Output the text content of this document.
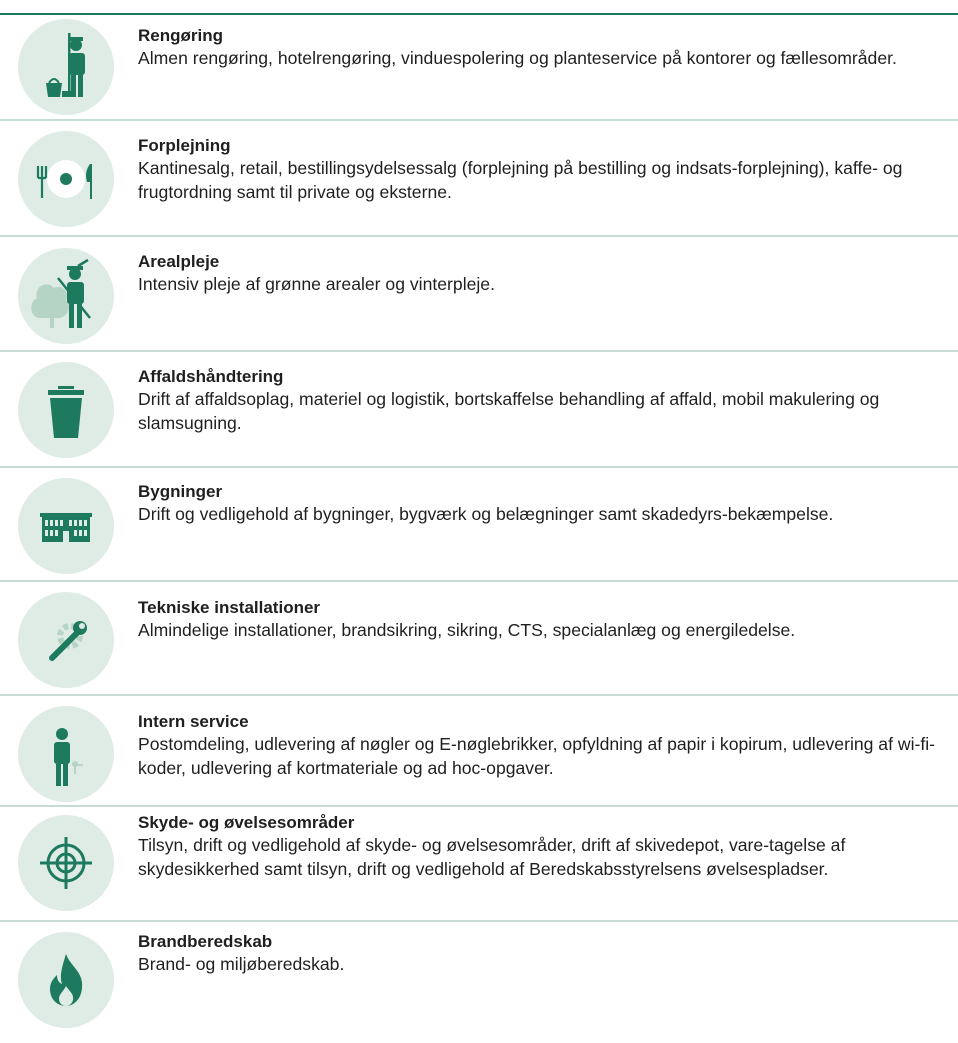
Rengøring

Almen rengøring, hotelrengøring, vinduespolering og planteservice på kontorer og fællesområder.

Forplejning

Kantinesalg, retail, bestillingsydelsessalg (forplejning på bestilling og indsats-forplejning), kaffe- og frugtordning samt til private og eksterne.

Arealpleje

Intensiv pleje af grønne arealer og vinterpleje.

Affaldshåndtering

Drift af affaldsoplag, materiel og logistik, bortskaffelse behandling af affald, mobil makulering og slamsugning.

Bygninger

Drift og vedligehold af bygninger, bygværk og belægninger samt skadedyrs-bekæmpelse.

Tekniske installationer

Almindelige installationer, brandsikring, sikring, CTS, specialanlæg og energiledelse.

Intern service

Postomdeling, udlevering af nøgler og E-nøglebrikker, opfyldning af papir i kopirum, udlevering af wi-fi-koder, udlevering af kortmateriale og ad hoc-opgaver.

Skyde- og øvelsesområder

Tilsyn, drift og vedligehold af skyde- og øvelsesområder, drift af skivedepot, vare-tagelse af skydesikkerhed samt tilsyn, drift og vedligehold af Beredskabsstyrelsens øvelsespladser.

Brandberedskab

Brand- og miljøberedskab.
